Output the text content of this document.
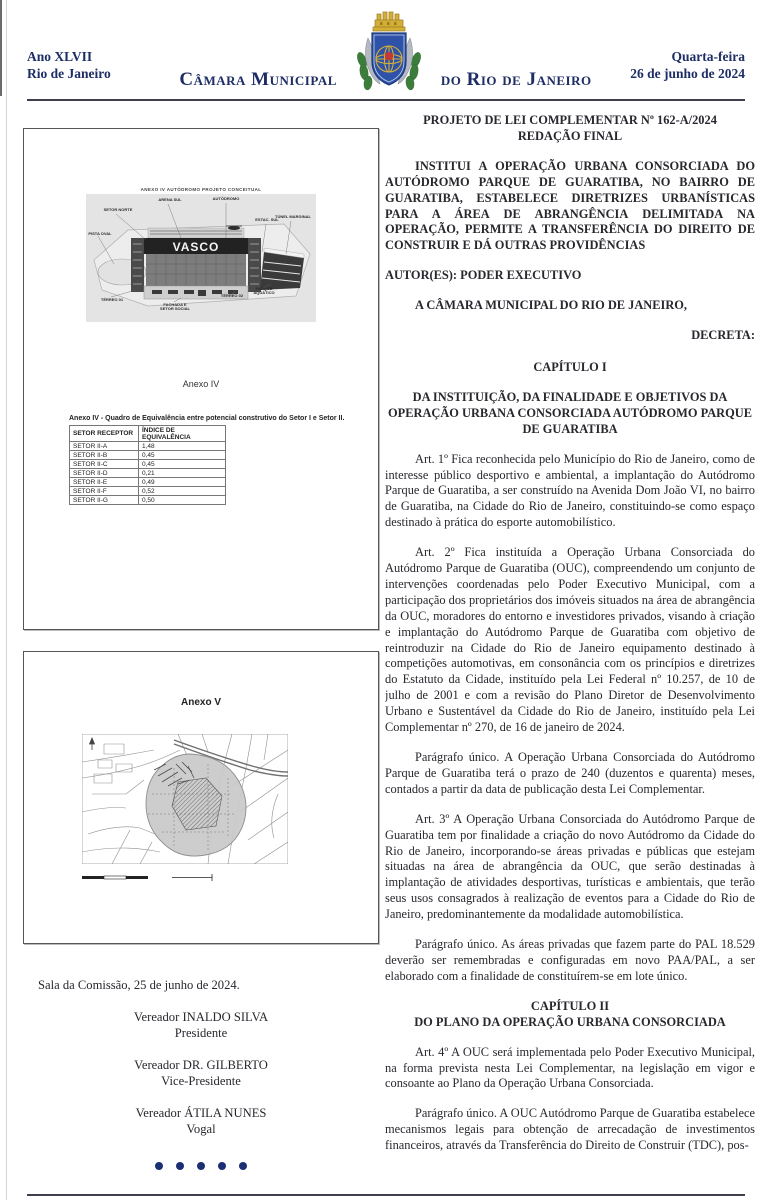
Ano XLVII
Rio de Janeiro	Câmara Municipal	do Rio de Janeiro
Quarta-feira
26 de junho de 2024
ANEXO IV AUTÓDROMO PROJETO CONCEITUAL
VASCO
SETOR NORTE
ARENA SUL	AUTÓDROMO
PISTA OVAL
ESTAC. SUL
TÚNEL MARGINAL
TÉRREO 01
FACHADA E SETOR SOCIAL
TÉRREO 02
PARQUE AQUÁTICO
Anexo IV
Anexo IV - Quadro de Equivalência entre potencial construtivo do Setor I e Setor II.
SETOR RECEPTOR	ÍNDICE DE EQUIVALÊNCIA
SETOR II-A	1,48
SETOR II-B	0,45
SETOR II-C	0,45
SETOR II-D	0,21
SETOR II-E	0,49
SETOR II-F	0,52
SETOR II-G	0,50
Anexo V
Sala da Comissão, 25 de junho de 2024.
Vereador INALDO SILVA
Presidente
Vereador DR. GILBERTO
Vice-Presidente
Vereador ÁTILA NUNES
Vogal
PROJETO DE LEI COMPLEMENTAR Nº 162-A/2024
REDAÇÃO FINAL
INSTITUI A OPERAÇÃO URBANA CONSORCIADA DO AUTÓDROMO PARQUE DE GUARATIBA, NO BAIRRO DE GUARATIBA, ESTABELECE DIRETRIZES URBANÍSTICAS PARA A ÁREA DE ABRANGÊNCIA DELIMITADA NA OPERAÇÃO, PERMITE A TRANSFERÊNCIA DO DIREITO DE CONSTRUIR E DÁ OUTRAS PROVIDÊNCIAS
AUTOR(ES): PODER EXECUTIVO
A CÂMARA MUNICIPAL DO RIO DE JANEIRO,
DECRETA:
CAPÍTULO I
DA INSTITUIÇÃO, DA FINALIDADE E OBJETIVOS DA OPERAÇÃO URBANA CONSORCIADA AUTÓDROMO PARQUE DE GUARATIBA
Art. 1º Fica reconhecida pelo Município do Rio de Janeiro, como de interesse público desportivo e ambiental, a implantação do Autódromo Parque de Guaratiba, a ser construído na Avenida Dom João VI, no bairro de Guaratiba, na Cidade do Rio de Janeiro, constituindo-se como espaço destinado à prática do esporte automobilístico.
Art. 2º Fica instituída a Operação Urbana Consorciada do Autódromo Parque de Guaratiba (OUC), compreendendo um conjunto de intervenções coordenadas pelo Poder Executivo Municipal, com a participação dos proprietários dos imóveis situados na área de abrangência da OUC, moradores do entorno e investidores privados, visando à criação e implantação do Autódromo Parque de Guaratiba com objetivo de reintroduzir na Cidade do Rio de Janeiro equipamento destinado à competições automotivas, em consonância com os princípios e diretrizes do Estatuto da Cidade, instituído pela Lei Federal nº 10.257, de 10 de julho de 2001 e com a revisão do Plano Diretor de Desenvolvimento Urbano e Sustentável da Cidade do Rio de Janeiro, instituído pela Lei Complementar nº 270, de 16 de janeiro de 2024.
Parágrafo único. A Operação Urbana Consorciada do Autódromo Parque de Guaratiba terá o prazo de 240 (duzentos e quarenta) meses, contados a partir da data de publicação desta Lei Complementar.
Art. 3º A Operação Urbana Consorciada do Autódromo Parque de Guaratiba tem por finalidade a criação do novo Autódromo da Cidade do Rio de Janeiro, incorporando-se áreas privadas e públicas que estejam situadas na área de abrangência da OUC, que serão destinadas à implantação de atividades desportivas, turísticas e ambientais, que terão seus usos consagrados à realização de eventos para a Cidade do Rio de Janeiro, predominantemente da modalidade automobilística.
Parágrafo único. As áreas privadas que fazem parte do PAL 18.529 deverão ser remembradas e configuradas em novo PAA/PAL, a ser elaborado com a finalidade de constituírem-se em lote único.
CAPÍTULO II
DO PLANO DA OPERAÇÃO URBANA CONSORCIADA
Art. 4º A OUC será implementada pelo Poder Executivo Municipal, na forma prevista nesta Lei Complementar, na legislação em vigor e consoante ao Plano da Operação Urbana Consorciada.
Parágrafo único. A OUC Autódromo Parque de Guaratiba estabelece mecanismos legais para obtenção de arrecadação de investimentos financeiros, através da Transferência do Direito de Construir (TDC), pos-
